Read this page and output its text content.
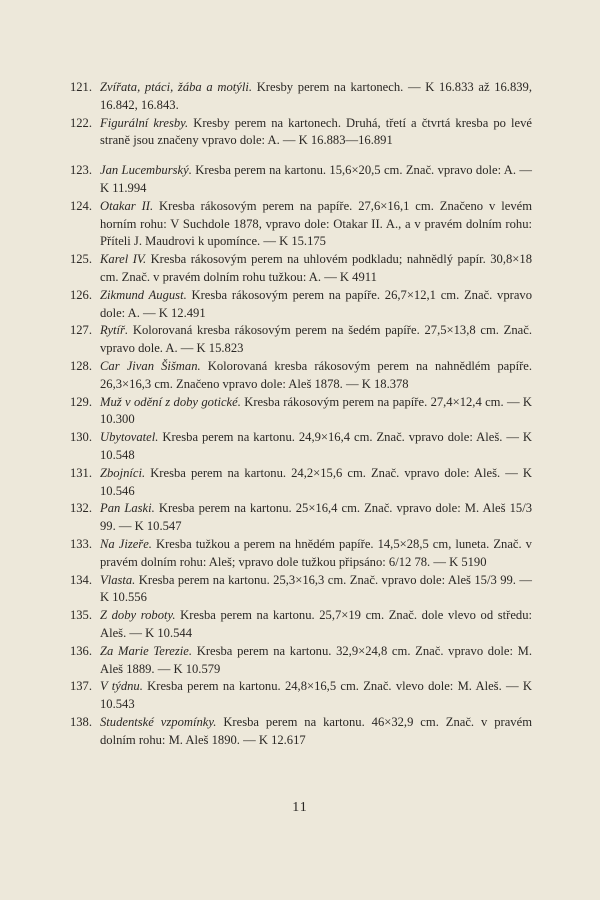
121. Zvířata, ptáci, žába a motýli. Kresby perem na kartonech. — K 16.833 až 16.839, 16.842, 16.843.
122. Figurální kresby. Kresby perem na kartonech. Druhá, třetí a čtvrtá kresba po levé straně jsou značeny vpravo dole: A. — K 16.883—16.891
123. Jan Lucemburský. Kresba perem na kartonu. 15,6×20,5 cm. Znač. vpravo dole: A. — K 11.994
124. Otakar II. Kresba rákosovým perem na papíře. 27,6×16,1 cm. Značeno v levém horním rohu: V Suchdole 1878, vpravo dole: Otakar II. A., a v pravém dolním rohu: Příteli J. Maudrovi k upomínce. — K 15.175
125. Karel IV. Kresba rákosovým perem na uhlovém podkladu; nahnědlý papír. 30,8×18 cm. Znač. v pravém dolním rohu tužkou: A. — K 4911
126. Zikmund August. Kresba rákosovým perem na papíře. 26,7×12,1 cm. Znač. vpravo dole: A. — K 12.491
127. Rytíř. Kolorovaná kresba rákosovým perem na šedém papíře. 27,5×13,8 cm. Znač. vpravo dole. A. — K 15.823
128. Car Jivan Šišman. Kolorovaná kresba rákosovým perem na nahnědlém papíře. 26,3×16,3 cm. Značeno vpravo dole: Aleš 1878. — K 18.378
129. Muž v odění z doby gotické. Kresba rákosovým perem na papíře. 27,4×12,4 cm. — K 10.300
130. Ubytovatel. Kresba perem na kartonu. 24,9×16,4 cm. Znač. vpravo dole: Aleš. — K 10.548
131. Zbojníci. Kresba perem na kartonu. 24,2×15,6 cm. Znač. vpravo dole: Aleš. — K 10.546
132. Pan Laski. Kresba perem na kartonu. 25×16,4 cm. Znač. vpravo dole: M. Aleš 15/3 99. — K 10.547
133. Na Jizeře. Kresba tužkou a perem na hnědém papíře. 14,5×28,5 cm, luneta. Znač. v pravém dolním rohu: Aleš; vpravo dole tužkou připsáno: 6/12 78. — K 5190
134. Vlasta. Kresba perem na kartonu. 25,3×16,3 cm. Znač. vpravo dole: Aleš 15/3 99. — K 10.556
135. Z doby roboty. Kresba perem na kartonu. 25,7×19 cm. Znač. dole vlevo od středu: Aleš. — K 10.544
136. Za Marie Terezie. Kresba perem na kartonu. 32,9×24,8 cm. Znač. vpravo dole: M. Aleš 1889. — K 10.579
137. V týdnu. Kresba perem na kartonu. 24,8×16,5 cm. Znač. vlevo dole: M. Aleš. — K 10.543
138. Studentské vzpomínky. Kresba perem na kartonu. 46×32,9 cm. Znač. v pravém dolním rohu: M. Aleš 1890. — K 12.617
11
